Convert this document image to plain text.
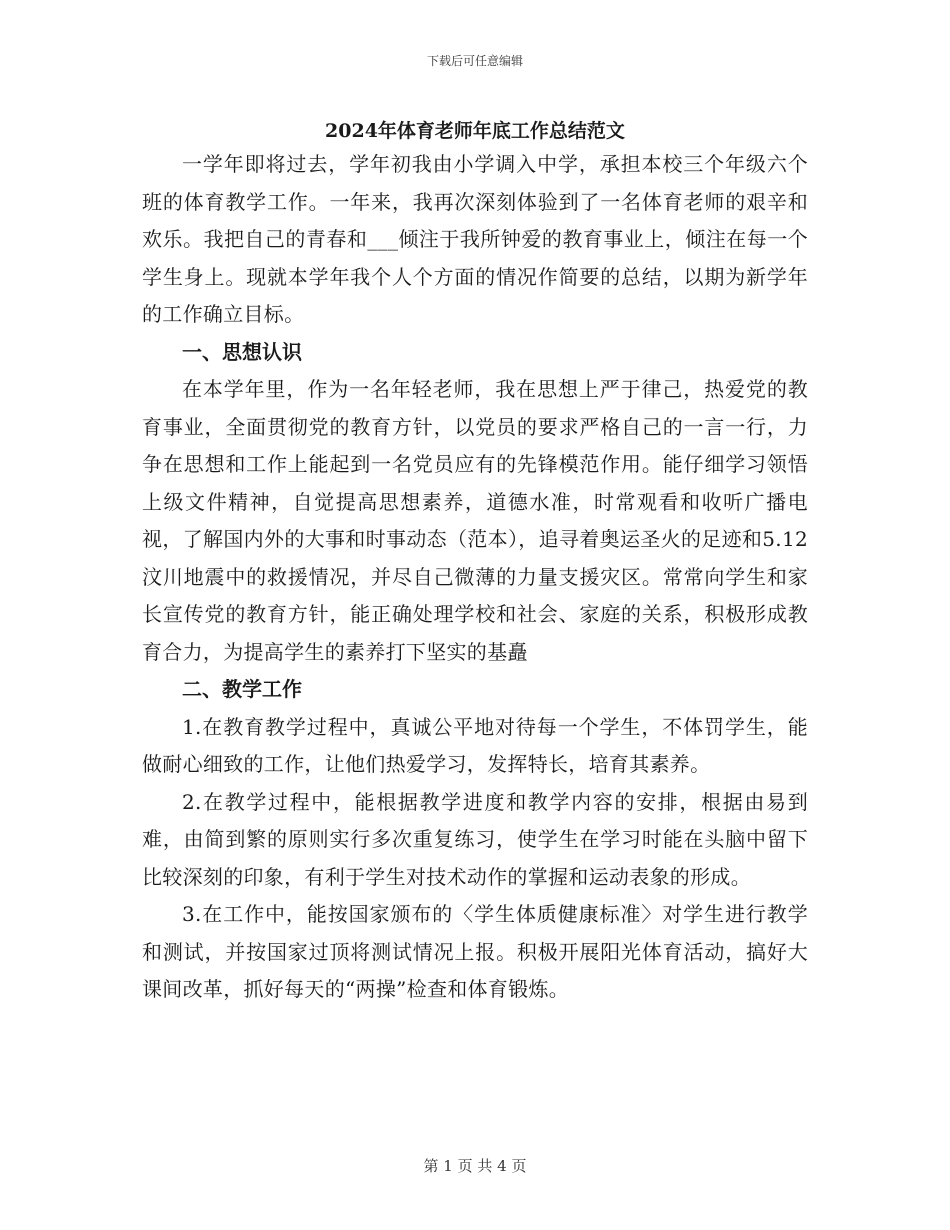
下载后可任意编辑
2024年体育老师年底工作总结范文

一学年即将过去，学年初我由小学调入中学，承担本校三个年级六个班的体育教学工作。一年来，我再次深刻体验到了一名体育老师的艰辛和欢乐。我把自己的青春和___倾注于我所钟爱的教育事业上，倾注在每一个学生身上。现就本学年我个人个方面的情况作简要的总结，以期为新学年的工作确立目标。

一、思想认识

在本学年里，作为一名年轻老师，我在思想上严于律己，热爱党的教育事业，全面贯彻党的教育方针，以党员的要求严格自己的一言一行，力争在思想和工作上能起到一名党员应有的先锋模范作用。能仔细学习领悟上级文件精神，自觉提高思想素养，道德水准，时常观看和收听广播电视，了解国内外的大事和时事动态（范本），追寻着奥运圣火的足迹和5.12汶川地震中的救援情况，并尽自己微薄的力量支援灾区。常常向学生和家长宣传党的教育方针，能正确处理学校和社会、家庭的关系，积极形成教育合力，为提高学生的素养打下坚实的基矗

二、教学工作

1.在教育教学过程中，真诚公平地对待每一个学生，不体罚学生，能做耐心细致的工作，让他们热爱学习，发挥特长，培育其素养。

2.在教学过程中，能根据教学进度和教学内容的安排，根据由易到难，由简到繁的原则实行多次重复练习，使学生在学习时能在头脑中留下比较深刻的印象，有利于学生对技术动作的掌握和运动表象的形成。

3.在工作中，能按国家颁布的〈学生体质健康标准〉对学生进行教学和测试，并按国家过顶将测试情况上报。积极开展阳光体育活动，搞好大课间改革，抓好每天的“两操”检查和体育锻炼。

第 1 页 共 4 页
